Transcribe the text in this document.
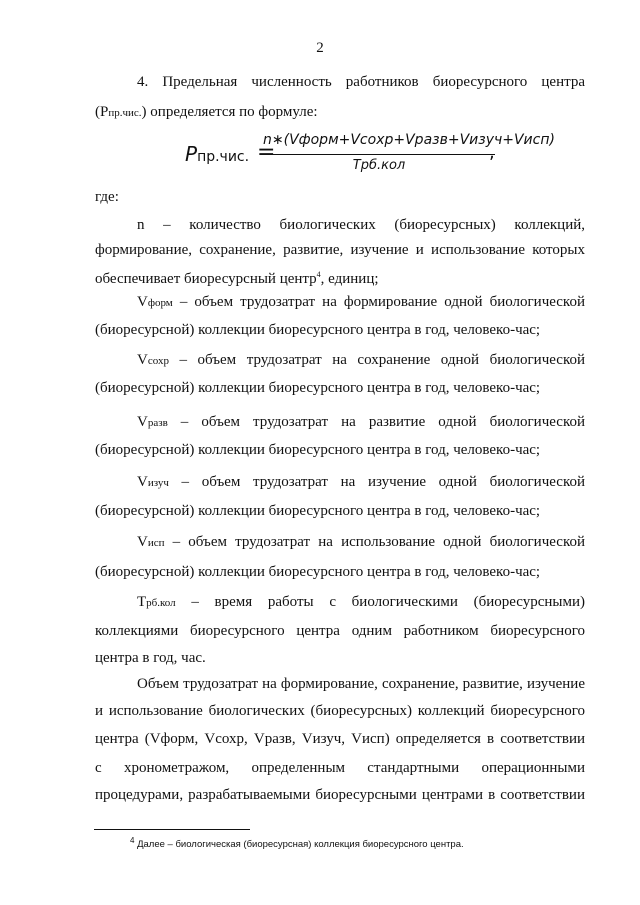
2
4. Предельная численность работников биоресурсного центра
(Рпр.чис.) определяется по формуле:
Pпр.чис. =
n∗(Vформ+Vсохр+Vразв+Vизуч+Vисп)
Tрб.кол
,
где:
n – количество биологических (биоресурсных) коллекций,
формирование, сохранение, развитие, изучение и использование которых
обеспечивает биоресурсный центр$^4$, единиц;
Vформ – объем трудозатрат на формирование одной биологической
(биоресурсной) коллекции биоресурсного центра в год, человеко-час;
Vсохр – объем трудозатрат на сохранение одной биологической
(биоресурсной) коллекции биоресурсного центра в год, человеко-час;
Vразв – объем трудозатрат на развитие одной биологической
(биоресурсной) коллекции биоресурсного центра в год, человеко-час;
Vизуч – объем трудозатрат на изучение одной биологической
(биоресурсной) коллекции биоресурсного центра в год, человеко-час;
Vисп – объем трудозатрат на использование одной биологической
(биоресурсной) коллекции биоресурсного центра в год, человеко-час;
Трб.кол – время работы с биологическими (биоресурсными)
коллекциями биоресурсного центра одним работником биоресурсного
центра в год, час.
Объем трудозатрат на формирование, сохранение, развитие, изучение
и использование биологических (биоресурсных) коллекций биоресурсного
центра (Vформ, Vсохр, Vразв, Vизуч, Vисп) определяется в соответствии
с хронометражом, определенным стандартными операционными
процедурами, разрабатываемыми биоресурсными центрами в соответствии
$^4$ Далее – биологическая (биоресурсная) коллекция биоресурсного центра.
